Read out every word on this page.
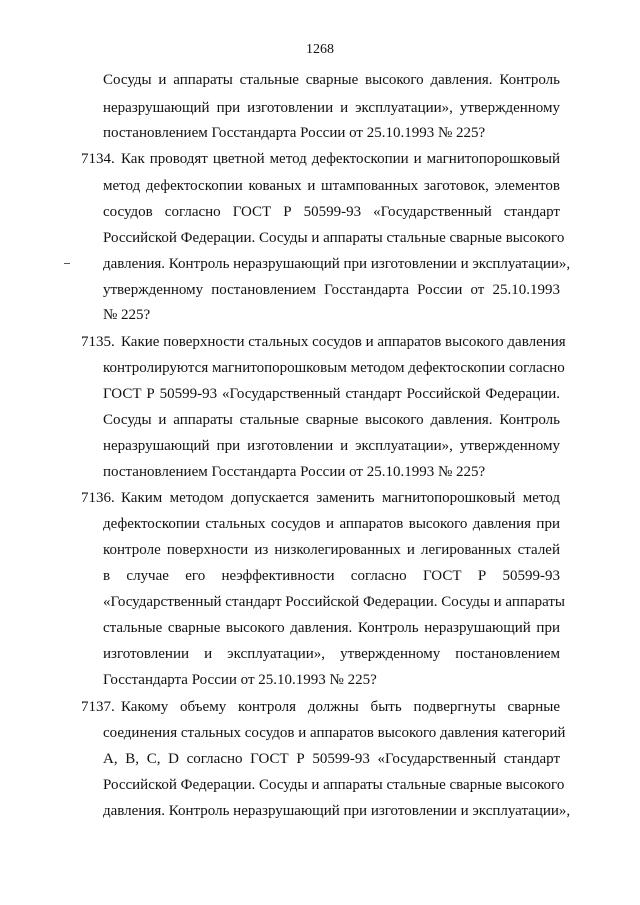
1268
Сосуды и аппараты стальные сварные высокого давления. Контроль
неразрушающий при изготовлении и эксплуатации», утвержденному
постановлением Госстандарта России от 25.10.1993 № 225?
7134. Как проводят цветной метод дефектоскопии и магнитопорошковый
метод дефектоскопии кованых и штампованных заготовок, элементов
сосудов согласно ГОСТ Р 50599-93 «Государственный стандарт
Российской Федерации. Сосуды и аппараты стальные сварные высокого
давления. Контроль неразрушающий при изготовлении и эксплуатации»,
утвержденному постановлением Госстандарта России от 25.10.1993
№ 225?
7135. Какие поверхности стальных сосудов и аппаратов высокого давления
контролируются магнитопорошковым методом дефектоскопии согласно
ГОСТ Р 50599-93 «Государственный стандарт Российской Федерации.
Сосуды и аппараты стальные сварные высокого давления. Контроль
неразрушающий при изготовлении и эксплуатации», утвержденному
постановлением Госстандарта России от 25.10.1993 № 225?
7136. Каким методом допускается заменить магнитопорошковый метод
дефектоскопии стальных сосудов и аппаратов высокого давления при
контроле поверхности из низколегированных и легированных сталей
в случае его неэффективности согласно ГОСТ Р 50599-93
«Государственный стандарт Российской Федерации. Сосуды и аппараты
стальные сварные высокого давления. Контроль неразрушающий при
изготовлении и эксплуатации», утвержденному постановлением
Госстандарта России от 25.10.1993 № 225?
7137. Какому объему контроля должны быть подвергнуты сварные
соединения стальных сосудов и аппаратов высокого давления категорий
А, В, С, D согласно ГОСТ Р 50599-93 «Государственный стандарт
Российской Федерации. Сосуды и аппараты стальные сварные высокого
давления. Контроль неразрушающий при изготовлении и эксплуатации»,
